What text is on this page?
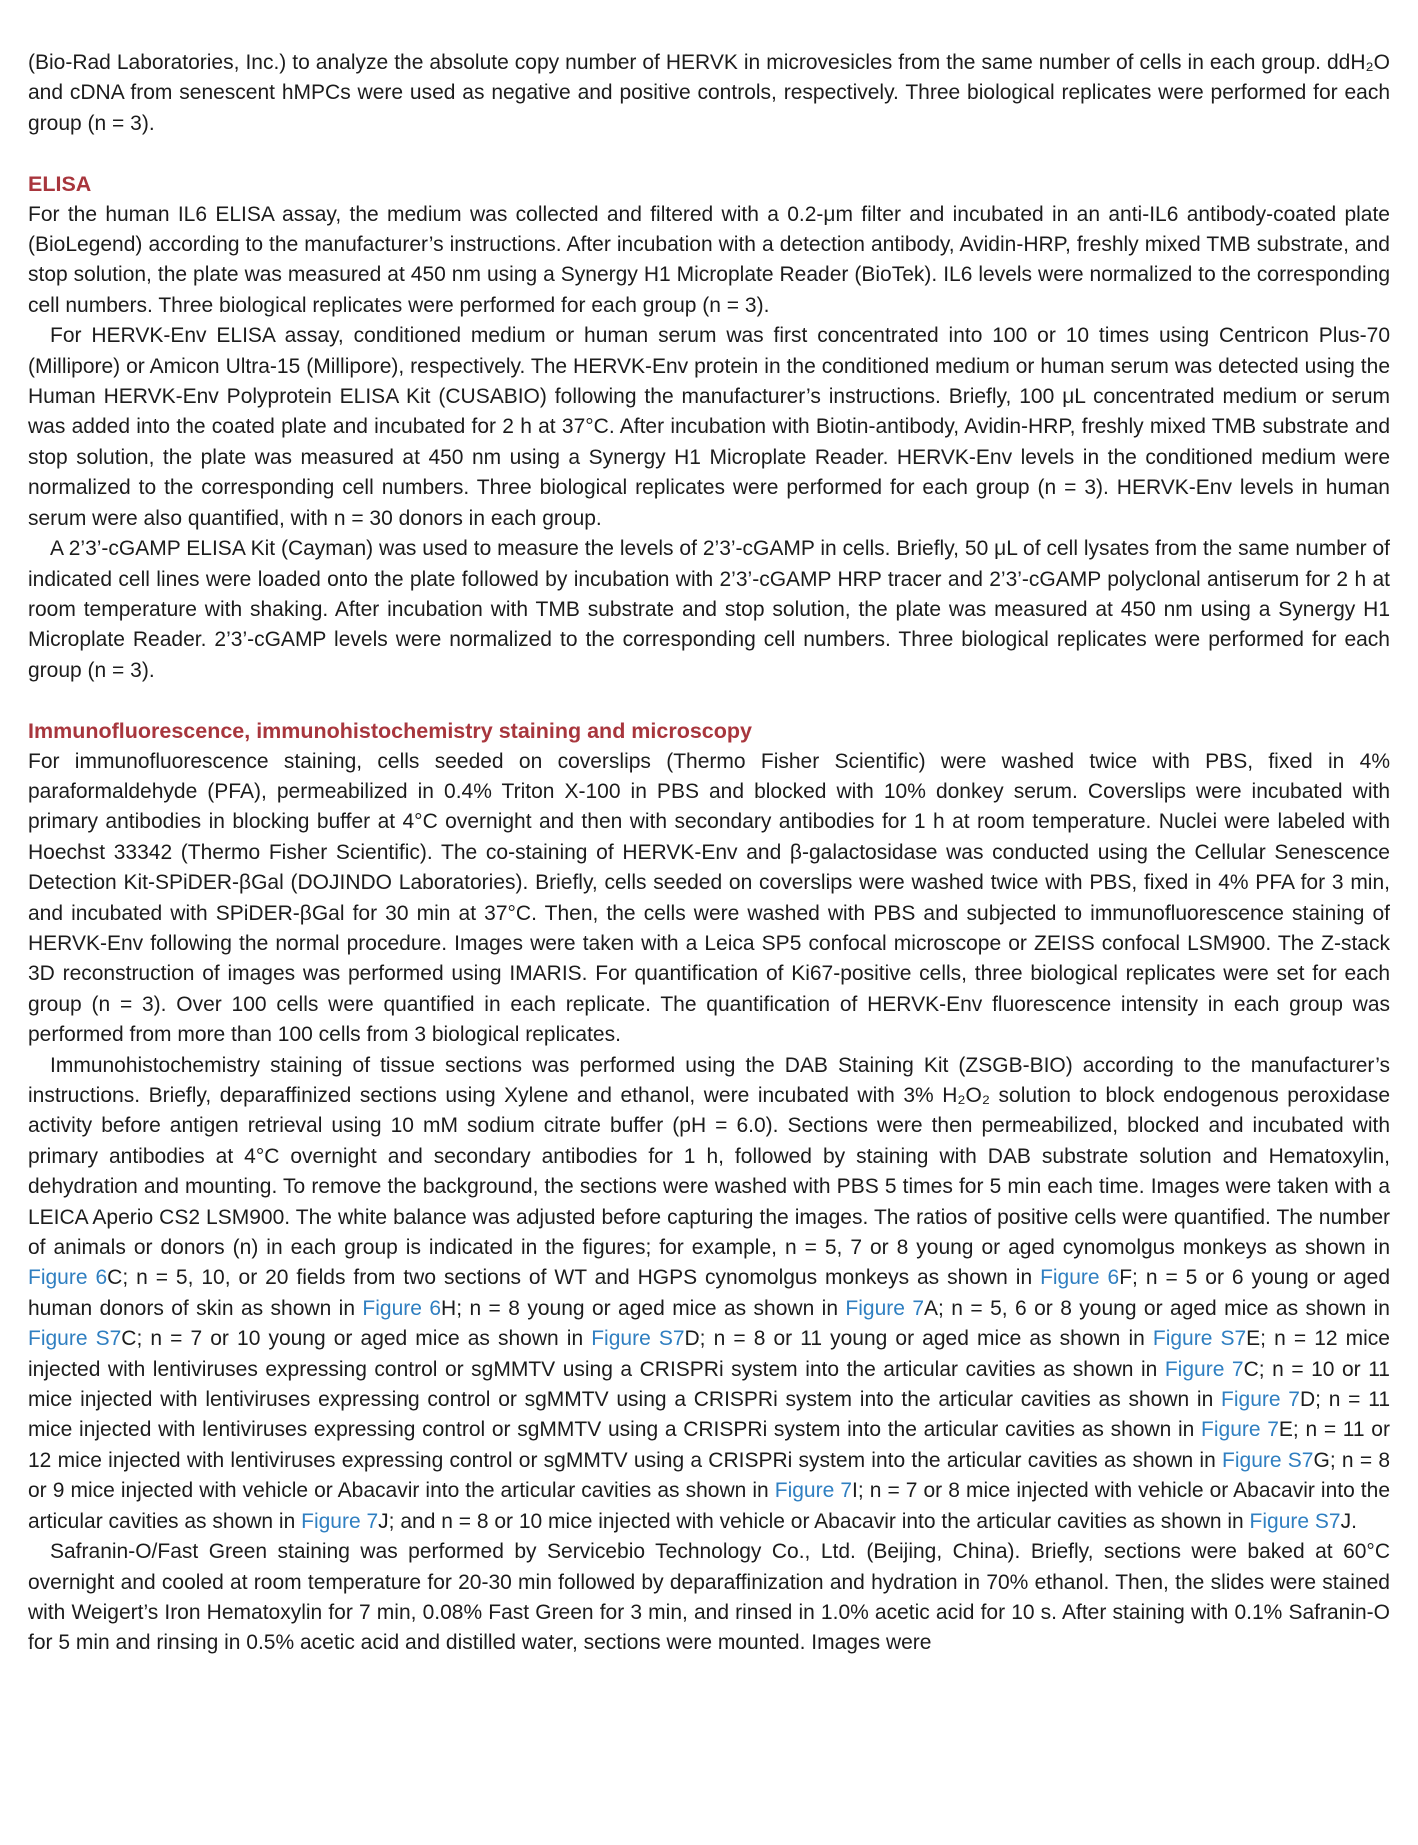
(Bio-Rad Laboratories, Inc.) to analyze the absolute copy number of HERVK in microvesicles from the same number of cells in each group. ddH₂O and cDNA from senescent hMPCs were used as negative and positive controls, respectively. Three biological replicates were performed for each group (n = 3).

ELISA

For the human IL6 ELISA assay, the medium was collected and filtered with a 0.2-μm filter and incubated in an anti-IL6 antibody-coated plate (BioLegend) according to the manufacturer’s instructions. After incubation with a detection antibody, Avidin-HRP, freshly mixed TMB substrate, and stop solution, the plate was measured at 450 nm using a Synergy H1 Microplate Reader (BioTek). IL6 levels were normalized to the corresponding cell numbers. Three biological replicates were performed for each group (n = 3).

For HERVK-Env ELISA assay, conditioned medium or human serum was first concentrated into 100 or 10 times using Centricon Plus-70 (Millipore) or Amicon Ultra-15 (Millipore), respectively. The HERVK-Env protein in the conditioned medium or human serum was detected using the Human HERVK-Env Polyprotein ELISA Kit (CUSABIO) following the manufacturer’s instructions. Briefly, 100 μL concentrated medium or serum was added into the coated plate and incubated for 2 h at 37°C. After incubation with Biotin-antibody, Avidin-HRP, freshly mixed TMB substrate and stop solution, the plate was measured at 450 nm using a Synergy H1 Microplate Reader. HERVK-Env levels in the conditioned medium were normalized to the corresponding cell numbers. Three biological replicates were performed for each group (n = 3). HERVK-Env levels in human serum were also quantified, with n = 30 donors in each group.

A 2’3’-cGAMP ELISA Kit (Cayman) was used to measure the levels of 2’3’-cGAMP in cells. Briefly, 50 μL of cell lysates from the same number of indicated cell lines were loaded onto the plate followed by incubation with 2’3’-cGAMP HRP tracer and 2’3’-cGAMP polyclonal antiserum for 2 h at room temperature with shaking. After incubation with TMB substrate and stop solution, the plate was measured at 450 nm using a Synergy H1 Microplate Reader. 2’3’-cGAMP levels were normalized to the corresponding cell numbers. Three biological replicates were performed for each group (n = 3).

Immunofluorescence, immunohistochemistry staining and microscopy

For immunofluorescence staining, cells seeded on coverslips (Thermo Fisher Scientific) were washed twice with PBS, fixed in 4% paraformaldehyde (PFA), permeabilized in 0.4% Triton X-100 in PBS and blocked with 10% donkey serum. Coverslips were incubated with primary antibodies in blocking buffer at 4°C overnight and then with secondary antibodies for 1 h at room temperature. Nuclei were labeled with Hoechst 33342 (Thermo Fisher Scientific). The co-staining of HERVK-Env and β-galactosidase was conducted using the Cellular Senescence Detection Kit-SPiDER-βGal (DOJINDO Laboratories). Briefly, cells seeded on coverslips were washed twice with PBS, fixed in 4% PFA for 3 min, and incubated with SPiDER-βGal for 30 min at 37°C. Then, the cells were washed with PBS and subjected to immunofluorescence staining of HERVK-Env following the normal procedure. Images were taken with a Leica SP5 confocal microscope or ZEISS confocal LSM900. The Z-stack 3D reconstruction of images was performed using IMARIS. For quantification of Ki67-positive cells, three biological replicates were set for each group (n = 3). Over 100 cells were quantified in each replicate. The quantification of HERVK-Env fluorescence intensity in each group was performed from more than 100 cells from 3 biological replicates.

Immunohistochemistry staining of tissue sections was performed using the DAB Staining Kit (ZSGB-BIO) according to the manufacturer’s instructions. Briefly, deparaffinized sections using Xylene and ethanol, were incubated with 3% H₂O₂ solution to block endogenous peroxidase activity before antigen retrieval using 10 mM sodium citrate buffer (pH = 6.0). Sections were then permeabilized, blocked and incubated with primary antibodies at 4°C overnight and secondary antibodies for 1 h, followed by staining with DAB substrate solution and Hematoxylin, dehydration and mounting. To remove the background, the sections were washed with PBS 5 times for 5 min each time. Images were taken with a LEICA Aperio CS2 LSM900. The white balance was adjusted before capturing the images. The ratios of positive cells were quantified. The number of animals or donors (n) in each group is indicated in the figures; for example, n = 5, 7 or 8 young or aged cynomolgus monkeys as shown in Figure 6C; n = 5, 10, or 20 fields from two sections of WT and HGPS cynomolgus monkeys as shown in Figure 6F; n = 5 or 6 young or aged human donors of skin as shown in Figure 6H; n = 8 young or aged mice as shown in Figure 7A; n = 5, 6 or 8 young or aged mice as shown in Figure S7C; n = 7 or 10 young or aged mice as shown in Figure S7D; n = 8 or 11 young or aged mice as shown in Figure S7E; n = 12 mice injected with lentiviruses expressing control or sgMMTV using a CRISPRi system into the articular cavities as shown in Figure 7C; n = 10 or 11 mice injected with lentiviruses expressing control or sgMMTV using a CRISPRi system into the articular cavities as shown in Figure 7D; n = 11 mice injected with lentiviruses expressing control or sgMMTV using a CRISPRi system into the articular cavities as shown in Figure 7E; n = 11 or 12 mice injected with lentiviruses expressing control or sgMMTV using a CRISPRi system into the articular cavities as shown in Figure S7G; n = 8 or 9 mice injected with vehicle or Abacavir into the articular cavities as shown in Figure 7I; n = 7 or 8 mice injected with vehicle or Abacavir into the articular cavities as shown in Figure 7J; and n = 8 or 10 mice injected with vehicle or Abacavir into the articular cavities as shown in Figure S7J.

Safranin-O/Fast Green staining was performed by Servicebio Technology Co., Ltd. (Beijing, China). Briefly, sections were baked at 60°C overnight and cooled at room temperature for 20-30 min followed by deparaffinization and hydration in 70% ethanol. Then, the slides were stained with Weigert’s Iron Hematoxylin for 7 min, 0.08% Fast Green for 3 min, and rinsed in 1.0% acetic acid for 10 s. After staining with 0.1% Safranin-O for 5 min and rinsing in 0.5% acetic acid and distilled water, sections were mounted. Images were
